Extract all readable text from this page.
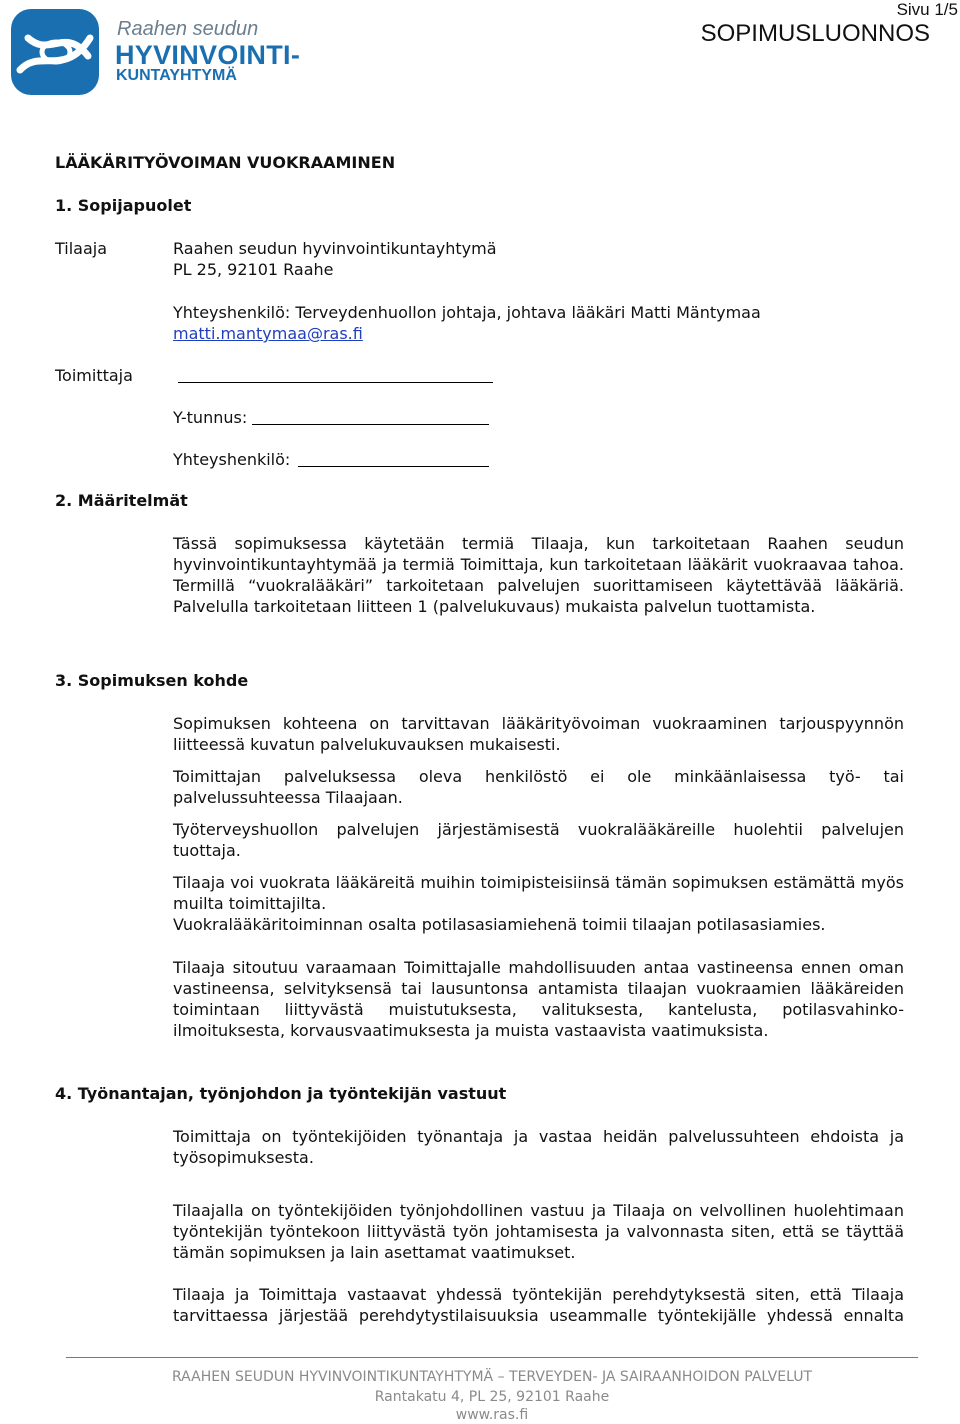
Raahen seudun
HYVINVOINTI-
KUNTAYHTYMÄ
Sivu 1/5
SOPIMUSLUONNOS
LÄÄKÄRITYÖVOIMAN VUOKRAAMINEN
1. Sopijapuolet
Tilaaja	Raahen seudun hyvinvointikuntayhtymä
PL 25, 92101 Raahe
Yhteyshenkilö: Terveydenhuollon johtaja, johtava lääkäri Matti Mäntymaa
matti.mantymaa@ras.fi
Toimittaja
Y-tunnus:
Yhteyshenkilö:
2. Määritelmät
Tässä sopimuksessa käytetään termiä Tilaaja, kun tarkoitetaan Raahen seudun hyvinvointikuntayhtymää ja termiä Toimittaja, kun tarkoitetaan lääkärit vuokraavaa tahoa. Termillä “vuokralääkäri” tarkoitetaan palvelujen suorittamiseen käytettävää lääkäriä. Palvelulla tarkoitetaan liitteen 1 (palvelukuvaus) mukaista palvelun tuottamista.
3. Sopimuksen kohde
Sopimuksen kohteena on tarvittavan lääkärityövoiman vuokraaminen tarjouspyynnön liitteessä kuvatun palvelukuvauksen mukaisesti.
Toimittajan palveluksessa oleva henkilöstö ei ole minkäänlaisessa työ- tai palvelussuhteessa Tilaajaan.
Työterveyshuollon palvelujen järjestämisestä vuokralääkäreille huolehtii palvelujen tuottaja.
Tilaaja voi vuokrata lääkäreitä muihin toimipisteisiinsä tämän sopimuksen estämättä myös muilta toimittajilta.
Vuokralääkäritoiminnan osalta potilasasiamiehenä toimii tilaajan potilasasiamies.
Tilaaja sitoutuu varaamaan Toimittajalle mahdollisuuden antaa vastineensa ennen oman vastineensa, selvityksensä tai lausuntonsa antamista tilaajan vuokraamien lääkäreiden toimintaan liittyvästä muistutuksesta, valituksesta, kantelusta, potilasvahinko-ilmoituksesta, korvausvaatimuksesta ja muista vastaavista vaatimuksista.
4. Työnantajan, työnjohdon ja työntekijän vastuut
Toimittaja on työntekijöiden työnantaja ja vastaa heidän palvelussuhteen ehdoista ja työsopimuksesta.
Tilaajalla on työntekijöiden työnjohdollinen vastuu ja Tilaaja on velvollinen huolehtimaan työntekijän työntekoon liittyvästä työn johtamisesta ja valvonnasta siten, että se täyttää tämän sopimuksen ja lain asettamat vaatimukset.
Tilaaja ja Toimittaja vastaavat yhdessä työntekijän perehdytyksestä siten, että Tilaaja tarvittaessa järjestää perehdytystilaisuuksia useammalle työntekijälle yhdessä ennalta
RAAHEN SEUDUN HYVINVOINTIKUNTAYHTYMÄ – TERVEYDEN- JA SAIRAANHOIDON PALVELUT
Rantakatu 4, PL 25, 92101 Raahe
www.ras.fi
